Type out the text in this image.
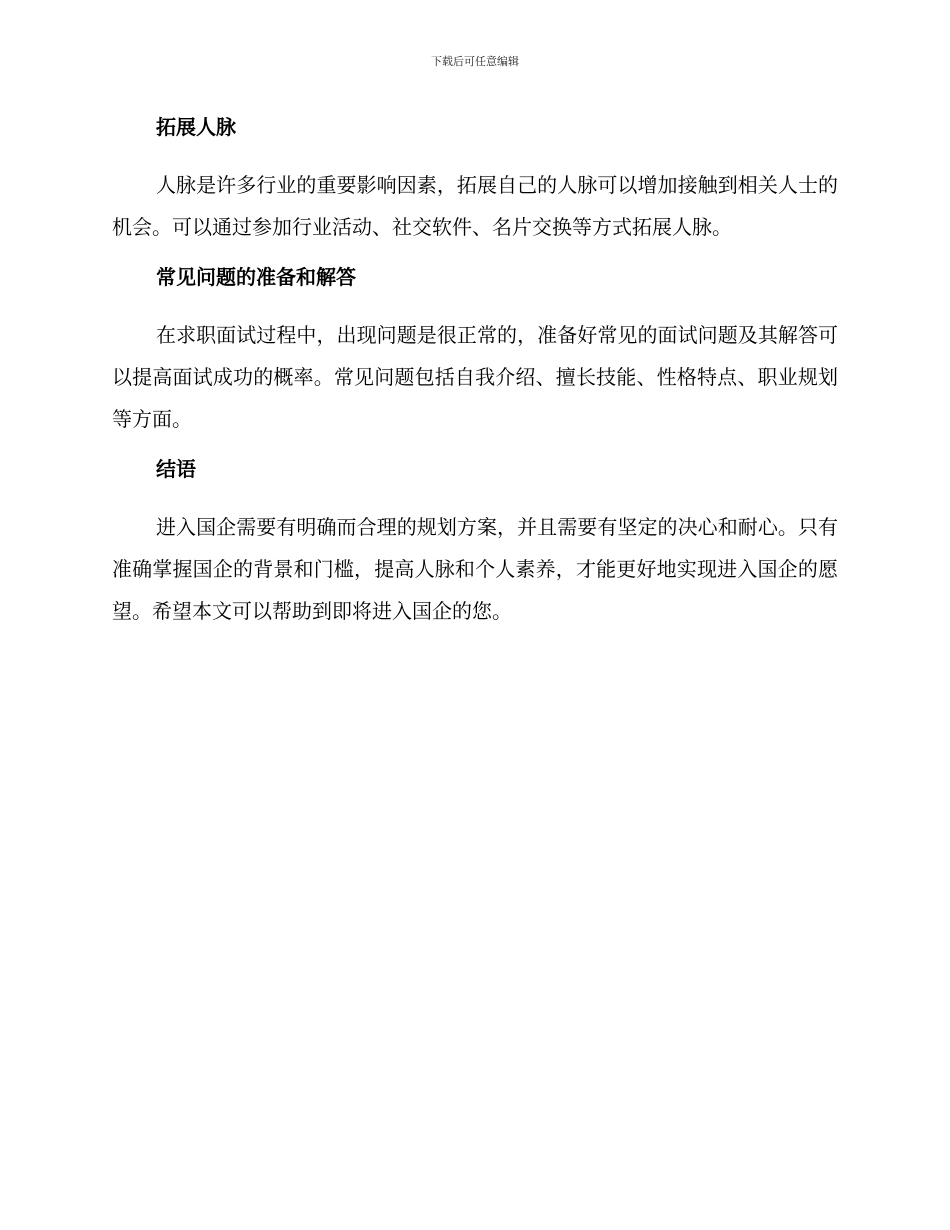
下载后可任意编辑
拓展人脉

人脉是许多行业的重要影响因素，拓展自己的人脉可以增加接触到相关人士的机会。可以通过参加行业活动、社交软件、名片交换等方式拓展人脉。

常见问题的准备和解答

在求职面试过程中，出现问题是很正常的，准备好常见的面试问题及其解答可以提高面试成功的概率。常见问题包括自我介绍、擅长技能、性格特点、职业规划等方面。

结语

进入国企需要有明确而合理的规划方案，并且需要有坚定的决心和耐心。只有准确掌握国企的背景和门槛，提高人脉和个人素养，才能更好地实现进入国企的愿望。希望本文可以帮助到即将进入国企的您。
